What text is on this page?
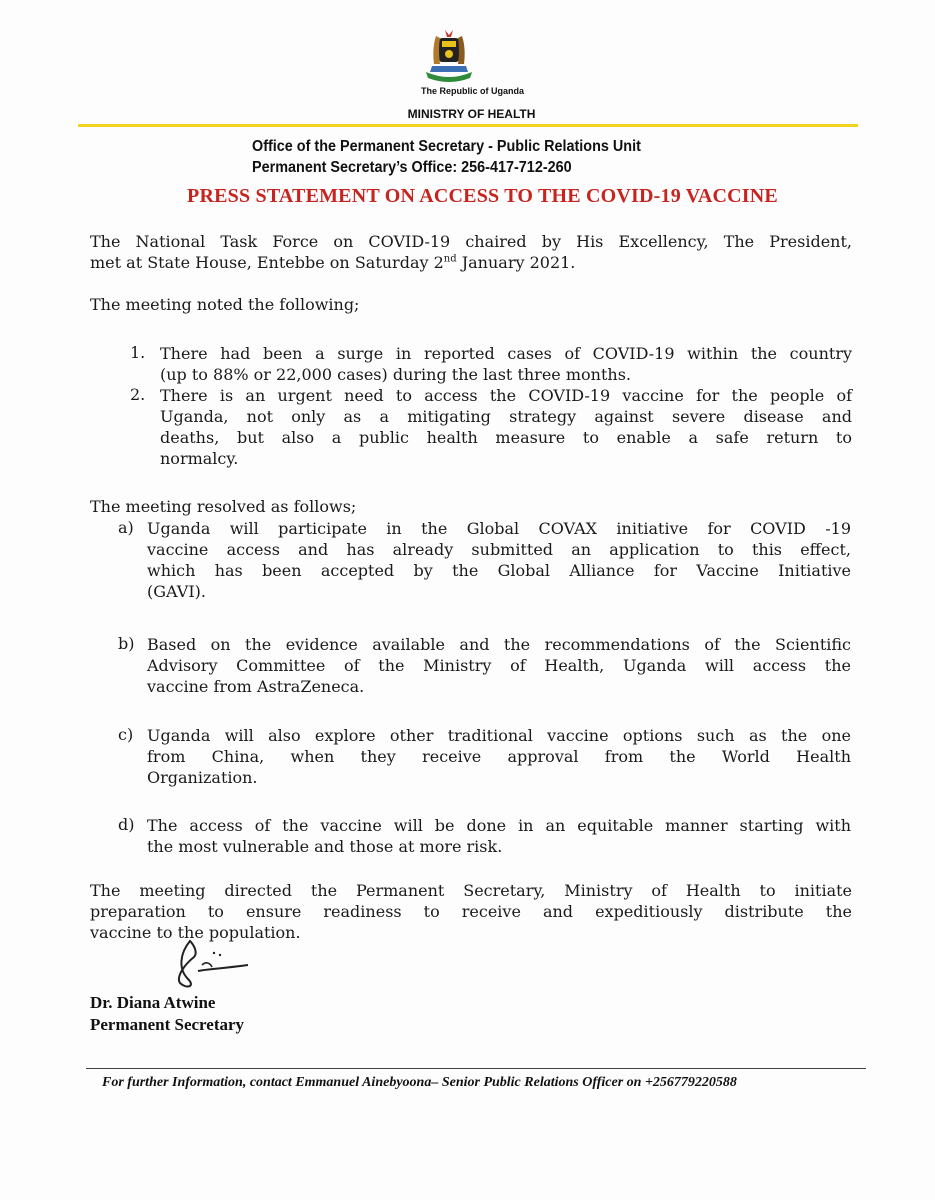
The Republic of Uganda
MINISTRY OF HEALTH
Office of the Permanent Secretary - Public Relations Unit
Permanent Secretary’s Office: 256-417-712-260
PRESS STATEMENT ON ACCESS TO THE COVID-19 VACCINE
The National Task Force on COVID-19 chaired by His Excellency, The President,
met at State House, Entebbe on Saturday 2nd January 2021.
The meeting noted the following;
1. There had been a surge in reported cases of COVID-19 within the country
(up to 88% or 22,000 cases) during the last three months.
2. There is an urgent need to access the COVID-19 vaccine for the people of
Uganda, not only as a mitigating strategy against severe disease and
deaths, but also a public health measure to enable a safe return to
normalcy.
The meeting resolved as follows;
a) Uganda will participate in the Global COVAX initiative for COVID -19
vaccine access and has already submitted an application to this effect,
which has been accepted by the Global Alliance for Vaccine Initiative
(GAVI).
b) Based on the evidence available and the recommendations of the Scientific
Advisory Committee of the Ministry of Health, Uganda will access the
vaccine from AstraZeneca.
c) Uganda will also explore other traditional vaccine options such as the one
from China, when they receive approval from the World Health
Organization.
d) The access of the vaccine will be done in an equitable manner starting with
the most vulnerable and those at more risk.
The meeting directed the Permanent Secretary, Ministry of Health to initiate
preparation to ensure readiness to receive and expeditiously distribute the
vaccine to the population.
Dr. Diana Atwine
Permanent Secretary
For further Information, contact Emmanuel Ainebyoona– Senior Public Relations Officer on +256779220588
